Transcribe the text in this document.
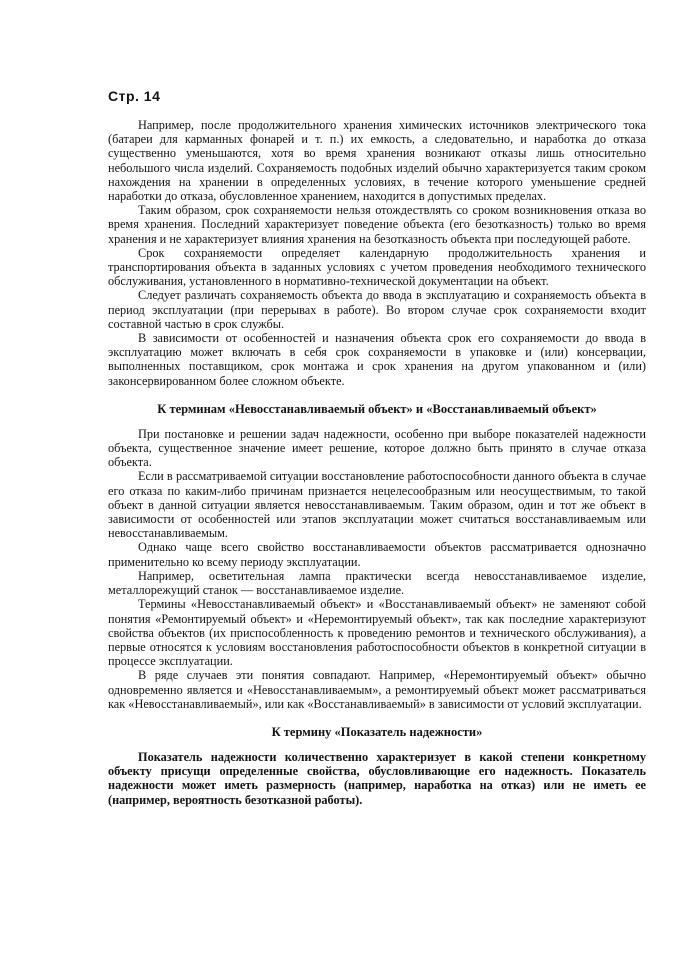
Стр. 14

Например, после продолжительного хранения химических источников электрического тока (батареи для карманных фонарей и т. п.) их емкость, а следовательно, и наработка до отказа существенно уменьшаются, хотя во время хранения возникают отказы лишь относительно небольшого числа изделий. Сохраняемость подобных изделий обычно характеризуется таким сроком нахождения на хранении в определенных условиях, в течение которого уменьшение средней наработки до отказа, обусловленное хранением, находится в допустимых пределах.

Таким образом, срок сохраняемости нельзя отождествлять со сроком возникновения отказа во время хранения. Последний характеризует поведение объекта (его безотказность) только во время хранения и не характеризует влияния хранения на безотказность объекта при последующей работе.

Срок сохраняемости определяет календарную продолжительность хранения и транспортирования объекта в заданных условиях с учетом проведения необходимого технического обслуживания, установленного в нормативно-технической документации на объект.

Следует различать сохраняемость объекта до ввода в эксплуатацию и сохраняемость объекта в период эксплуатации (при перерывах в работе). Во втором случае срок сохраняемости входит составной частью в срок службы.

В зависимости от особенностей и назначения объекта срок его сохраняемости до ввода в эксплуатацию может включать в себя срок сохраняемости в упаковке и (или) консервации, выполненных поставщиком, срок монтажа и срок хранения на другом упакованном и (или) законсервированном более сложном объекте.

К терминам «Невосстанавливаемый объект» и «Восстанавливаемый объект»

При постановке и решении задач надежности, особенно при выборе показателей надежности объекта, существенное значение имеет решение, которое должно быть принято в случае отказа объекта.

Если в рассматриваемой ситуации восстановление работоспособности данного объекта в случае его отказа по каким-либо причинам признается нецелесообразным или неосуществимым, то такой объект в данной ситуации является невосстанавливаемым. Таким образом, один и тот же объект в зависимости от особенностей или этапов эксплуатации может считаться восстанавливаемым или невосстанавливаемым.

Однако чаще всего свойство восстанавливаемости объектов рассматривается однозначно применительно ко всему периоду эксплуатации.

Например, осветительная лампа практически всегда невосстанавливаемое изделие, металлорежущий станок — восстанавливаемое изделие.

Термины «Невосстанавливаемый объект» и «Восстанавливаемый объект» не заменяют собой понятия «Ремонтируемый объект» и «Неремонтируемый объект», так как последние характеризуют свойства объектов (их приспособленность к проведению ремонтов и технического обслуживания), а первые относятся к условиям восстановления работоспособности объектов в конкретной ситуации в процессе эксплуатации.

В ряде случаев эти понятия совпадают. Например, «Неремонтируемый объект» обычно одновременно является и «Невосстанавливаемым», а ремонтируемый объект может рассматриваться как «Невосстанавливаемый», или как «Восстанавливаемый» в зависимости от условий эксплуатации.

К термину «Показатель надежности»

Показатель надежности количественно характеризует в какой степени конкретному объекту присущи определенные свойства, обусловливающие его надежность. Показатель надежности может иметь размерность (например, наработка на отказ) или не иметь ее (например, вероятность безотказной работы).
